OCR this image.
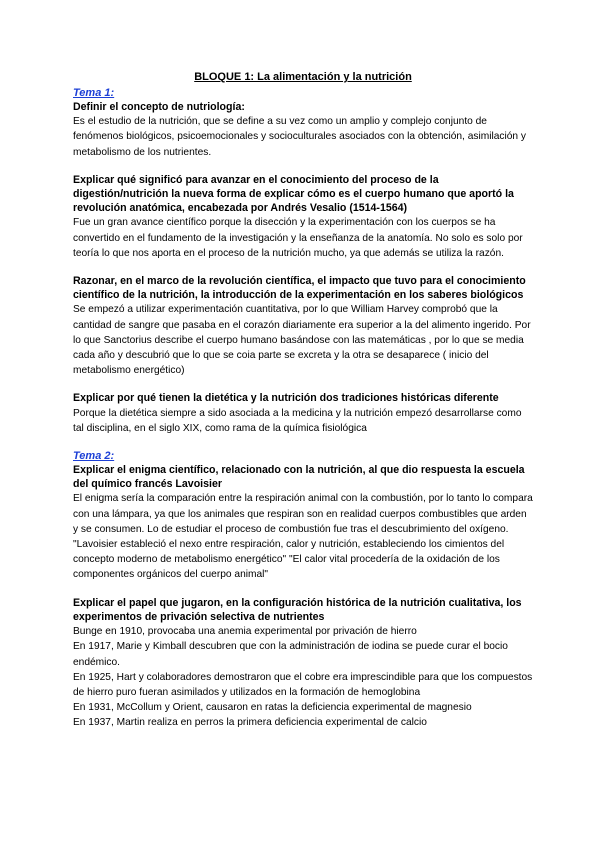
BLOQUE 1: La alimentación y la nutrición

Tema 1:

Definir el concepto de nutriología:

Es el estudio de la nutrición, que se define a su vez como un amplio y complejo conjunto de fenómenos biológicos, psicoemocionales y socioculturales asociados con la obtención, asimilación y metabolismo de los nutrientes.

Explicar qué significó para avanzar en el conocimiento del proceso de la digestión/nutrición la nueva forma de explicar cómo es el cuerpo humano que aportó la revolución anatómica, encabezada por Andrés Vesalio (1514-1564)

Fue un gran avance científico porque la disección y la experimentación con los cuerpos se ha convertido en el fundamento de la investigación y la enseñanza de la anatomía. No solo es solo por teoría lo que nos aporta en el proceso de la nutrición mucho, ya que además se utiliza la razón.

Razonar, en el marco de la revolución científica, el impacto que tuvo para el conocimiento científico de la nutrición, la introducción de la experimentación en los saberes biológicos

Se empezó a utilizar experimentación cuantitativa, por lo que William Harvey comprobó que la cantidad de sangre que pasaba en el corazón diariamente era superior a la del alimento ingerido. Por lo que Sanctorius describe el cuerpo humano basándose con las matemáticas , por lo que se media cada año y descubrió que lo que se coia parte se excreta y la otra se desaparece ( inicio del metabolismo energético)

Explicar por qué tienen la dietética y la nutrición dos tradiciones históricas diferente

Porque la dietética siempre a sido asociada a la medicina y la nutrición empezó desarrollarse como tal disciplina, en el siglo XIX, como rama de la química fisiológica

Tema 2:

Explicar el enigma científico, relacionado con la nutrición, al que dio respuesta la escuela del químico francés Lavoisier

El enigma sería la comparación entre la respiración animal con la combustión, por lo tanto lo compara con una lámpara, ya que los animales que respiran son en realidad cuerpos combustibles que arden y se consumen. Lo de estudiar el proceso de combustión fue tras el descubrimiento del oxígeno.

"Lavoisier estableció el nexo entre respiración, calor y nutrición, estableciendo los cimientos del concepto moderno de metabolismo energético" "El calor vital procedería de la oxidación de los componentes orgánicos del cuerpo animal"

Explicar el papel que jugaron, en la configuración histórica de la nutrición cualitativa, los experimentos de privación selectiva de nutrientes

Bunge en 1910, provocaba una anemia experimental por privación de hierro

En 1917, Marie y Kimball descubren que con la administración de iodina se puede curar el bocio endémico.

En 1925, Hart y colaboradores demostraron que el cobre era imprescindible para que los compuestos de hierro puro fueran asimilados y utilizados en la formación de hemoglobina

En 1931, McCollum y Orient, causaron en ratas la deficiencia experimental de magnesio

En 1937, Martin realiza en perros la primera deficiencia experimental de calcio
